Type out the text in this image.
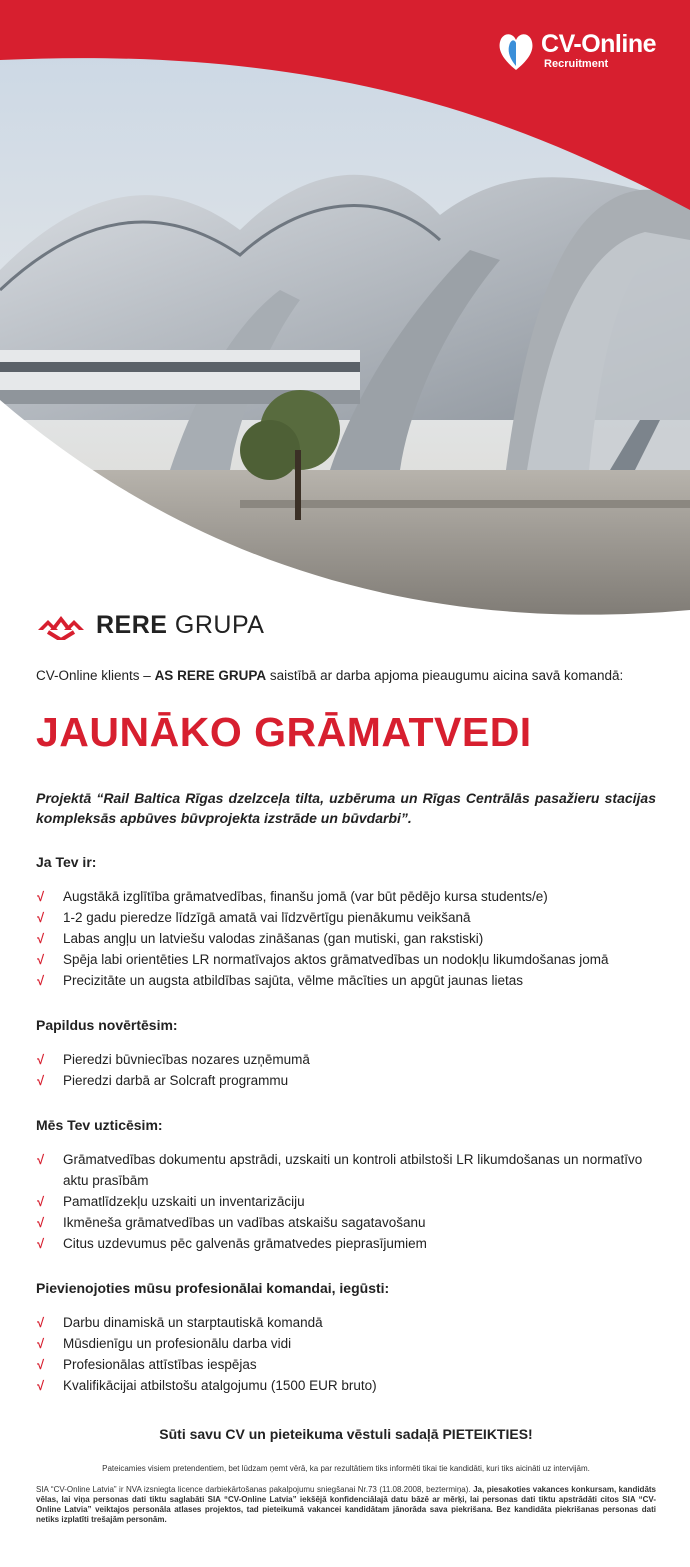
CV-Online
Recruitment
RERE GRUPA
CV-Online klients – AS RERE GRUPA saistībā ar darba apjoma pieaugumu aicina savā komandā:
JAUNĀKO GRĀMATVEDI
Projektā “Rail Baltica Rīgas dzelzceļa tilta, uzbēruma un Rīgas Centrālās pasažieru stacijas kompleksās apbūves būvprojekta izstrāde un būvdarbi”.
Ja Tev ir:
√ Augstākā izglītība grāmatvedības, finanšu jomā (var būt pēdējo kursa students/e)
√ 1-2 gadu pieredze līdzīgā amatā vai līdzvērtīgu pienākumu veikšanā
√ Labas angļu un latviešu valodas zināšanas (gan mutiski, gan rakstiski)
√ Spēja labi orientēties LR normatīvajos aktos grāmatvedības un nodokļu likumdošanas jomā
√ Precizitāte un augsta atbildības sajūta, vēlme mācīties un apgūt jaunas lietas
Papildus novērtēsim:
√ Pieredzi būvniecības nozares uzņēmumā
√ Pieredzi darbā ar Solcraft programmu
Mēs Tev uzticēsim:
√ Grāmatvedības dokumentu apstrādi, uzskaiti un kontroli atbilstoši LR likumdošanas un normatīvo aktu prasībām
√ Pamatlīdzekļu uzskaiti un inventarizāciju
√ Ikmēneša grāmatvedības un vadības atskaišu sagatavošanu
√ Citus uzdevumus pēc galvenās grāmatvedes pieprasījumiem
Pievienojoties mūsu profesionālai komandai, iegūsti:
√ Darbu dinamiskā un starptautiskā komandā
√ Mūsdienīgu un profesionālu darba vidi
√ Profesionālas attīstības iespējas
√ Kvalifikācijai atbilstošu atalgojumu (1500 EUR bruto)
Sūti savu CV un pieteikuma vēstuli sadaļā PIETEIKTIES!
Pateicamies visiem pretendentiem, bet lūdzam ņemt vērā, ka par rezultātiem tiks informēti tikai tie kandidāti, kuri tiks aicināti uz intervijām.
SIA “CV-Online Latvia” ir NVA izsniegta licence darbiekārtošanas pakalpojumu sniegšanai Nr.73 (11.08.2008, beztermiņa). Ja, piesakoties vakances konkursam, kandidāts vēlas, lai viņa personas dati tiktu saglabāti SIA “CV-Online Latvia” iekšējā konfidenciālajā datu bāzē ar mērķi, lai personas dati tiktu apstrādāti citos SIA “CV-Online Latvia” veiktajos personāla atlases projektos, tad pieteikumā vakancei kandidātam jānorāda sava piekrišana. Bez kandidāta piekrišanas personas dati netiks izplatīti trešajām personām.
